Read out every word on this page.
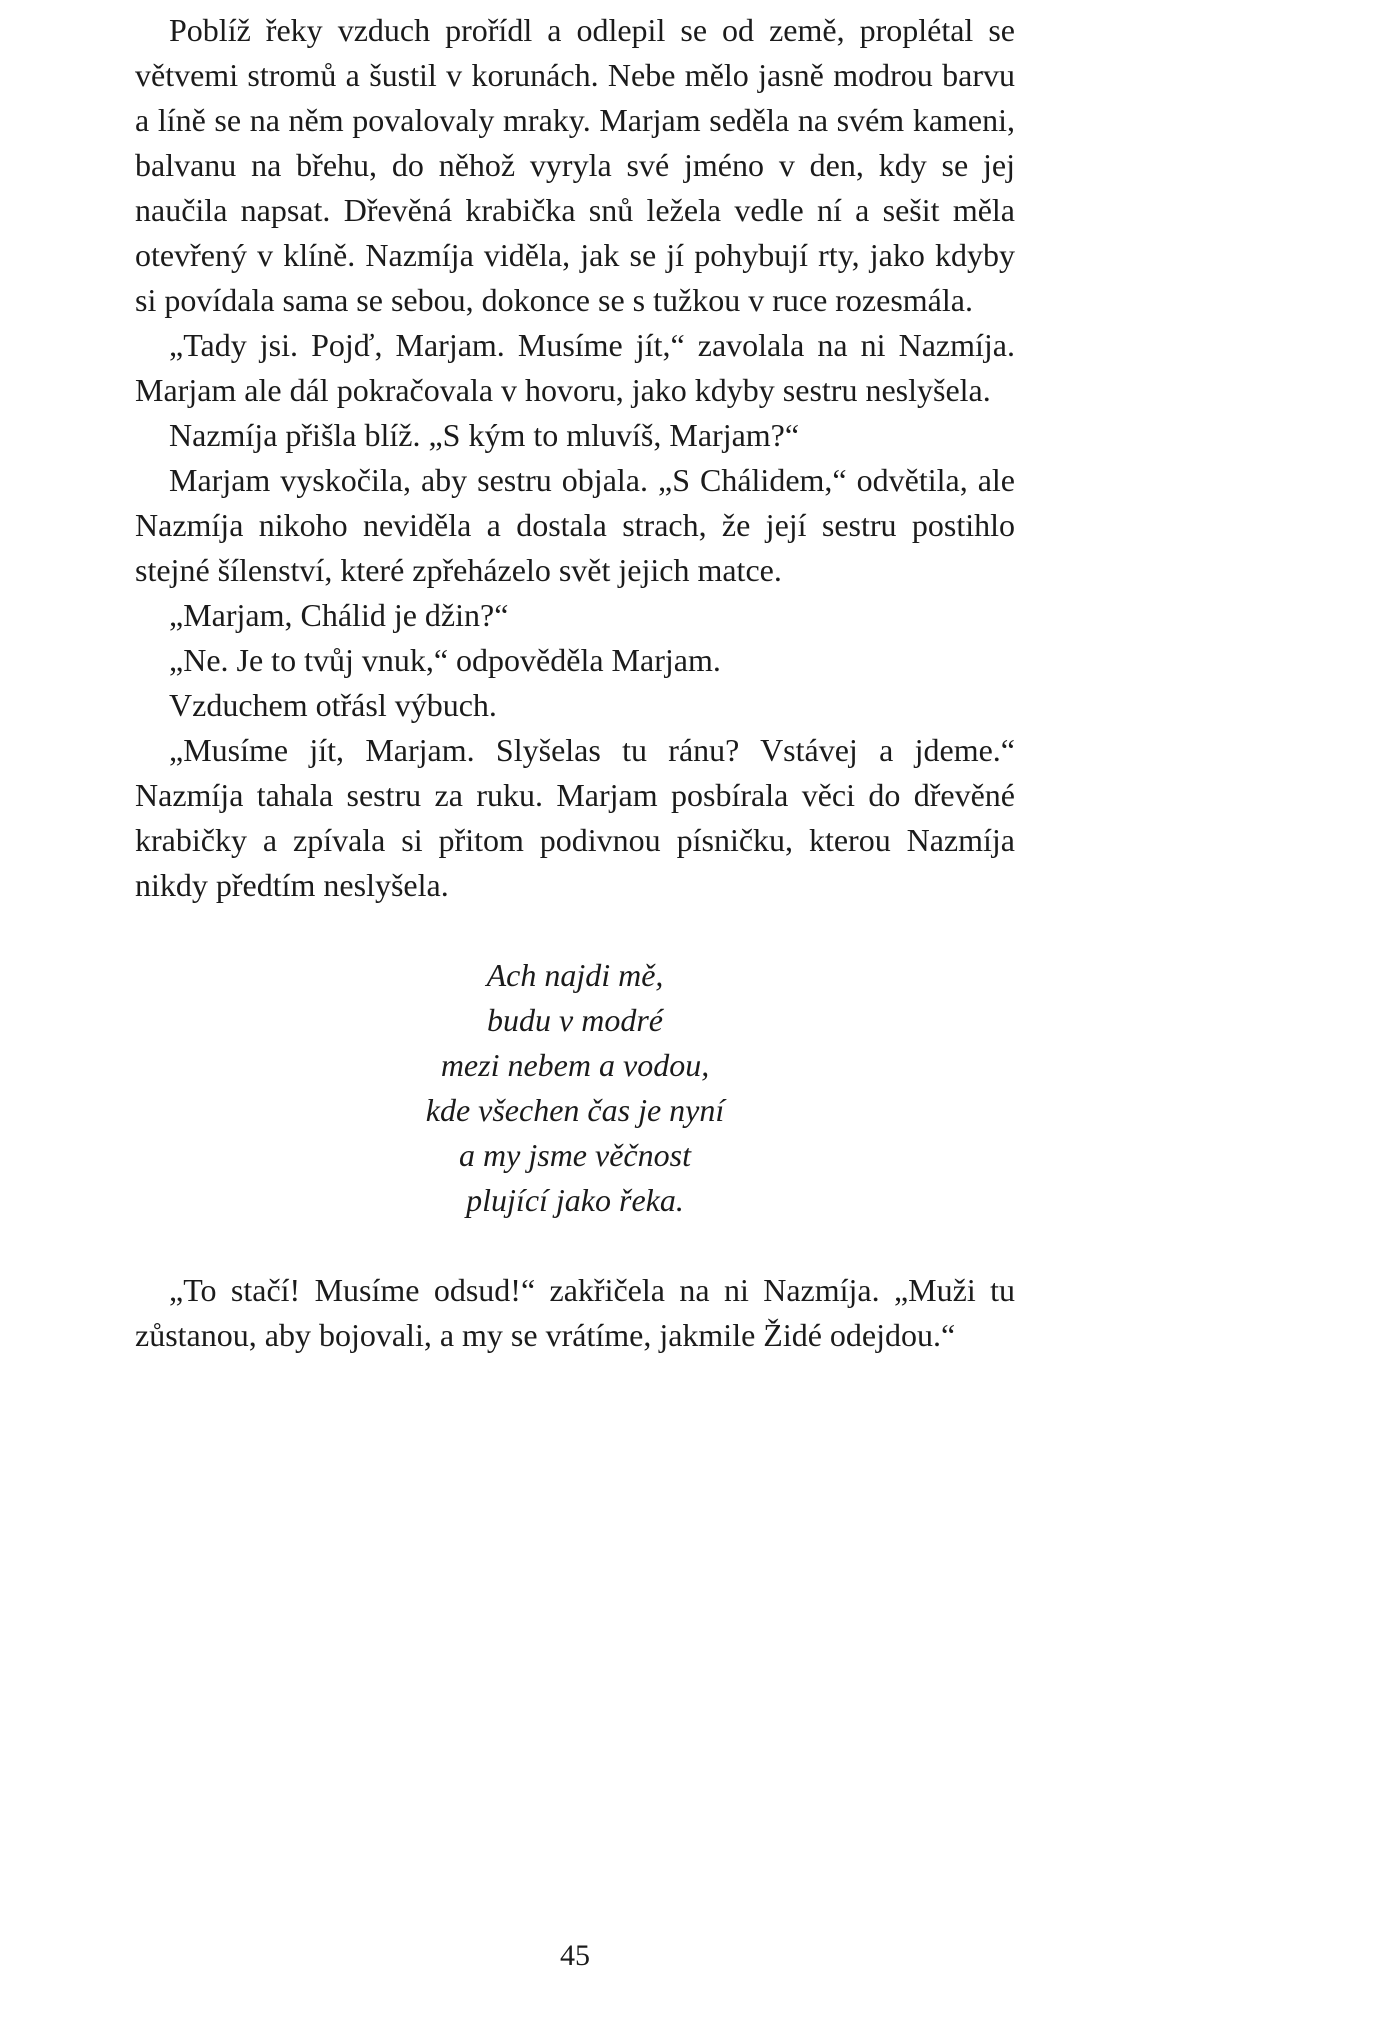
Poblíž řeky vzduch prořídl a odlepil se od země, proplétal se větvemi stromů a šustil v korunách. Nebe mělo jasně modrou barvu a líně se na něm povalovaly mraky. Marjam seděla na svém kameni, balvanu na břehu, do něhož vyryla své jméno v den, kdy se jej naučila napsat. Dřevěná krabička snů ležela vedle ní a sešit měla otevřený v klíně. Nazmíja viděla, jak se jí pohybují rty, jako kdyby si povídala sama se sebou, dokonce se s tužkou v ruce rozesmála.

„Tady jsi. Pojď, Marjam. Musíme jít,“ zavolala na ni Nazmíja. Marjam ale dál pokračovala v hovoru, jako kdyby sestru neslyšela.

Nazmíja přišla blíž. „S kým to mluvíš, Marjam?“

Marjam vyskočila, aby sestru objala. „S Chálidem,“ odvětila, ale Nazmíja nikoho neviděla a dostala strach, že její sestru postihlo stejné šílenství, které zpřeházelo svět jejich matce.

„Marjam, Chálid je džin?“

„Ne. Je to tvůj vnuk,“ odpověděla Marjam.

Vzduchem otřásl výbuch.

„Musíme jít, Marjam. Slyšelas tu ránu? Vstávej a jdeme.“ Nazmíja tahala sestru za ruku. Marjam posbírala věci do dřevěné krabičky a zpívala si přitom podivnou písničku, kterou Nazmíja nikdy předtím neslyšela.

Ach najdi mě,
budu v modré
mezi nebem a vodou,
kde všechen čas je nyní
a my jsme věčnost
plující jako řeka.

„To stačí! Musíme odsud!“ zakřičela na ni Nazmíja. „Muži tu zůstanou, aby bojovali, a my se vrátíme, jakmile Židé odejdou.“

45
